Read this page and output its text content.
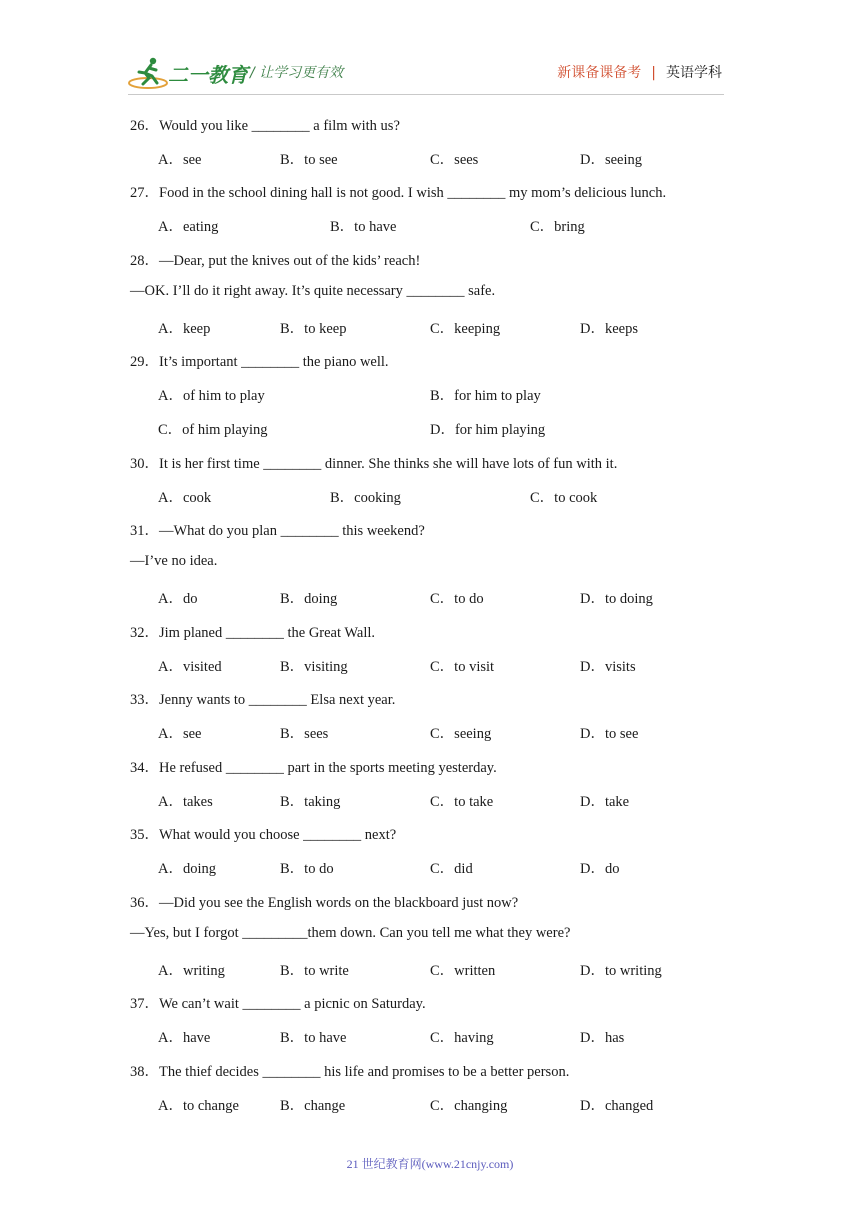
二一教育 / 让学习更有效	新课备课备考 | 英语学科
26．Would you like ________ a film with us?
A．see	B．to see	C．sees	D．seeing
27．Food in the school dining hall is not good. I wish ________ my mom’s delicious lunch.
A．eating	B．to have	C．bring
28．—Dear, put the knives out of the kids’ reach!
—OK. I’ll do it right away. It’s quite necessary ________ safe.
A．keep	B．to keep	C．keeping	D．keeps
29．It’s important ________ the piano well.
A．of him to play	B．for him to play
C．of him playing	D．for him playing
30．It is her first time ________ dinner. She thinks she will have lots of fun with it.
A．cook	B．cooking	C．to cook
31．—What do you plan ________ this weekend?
—I’ve no idea.
A．do	B．doing	C．to do	D．to doing
32．Jim planed ________ the Great Wall.
A．visited	B．visiting	C．to visit	D．visits
33．Jenny wants to ________ Elsa next year.
A．see	B．sees	C．seeing	D．to see
34．He refused ________ part in the sports meeting yesterday.
A．takes	B．taking	C．to take	D．take
35．What would you choose ________ next?
A．doing	B．to do	C．did	D．do
36．—Did you see the English words on the blackboard just now?
—Yes, but I forgot _________them down. Can you tell me what they were?
A．writing	B．to write	C．written	D．to writing
37．We can’t wait ________ a picnic on Saturday.
A．have	B．to have	C．having	D．has
38．The thief decides ________ his life and promises to be a better person.
A．to change	B．change	C．changing	D．changed
21 世纪教育网(www.21cnjy.com)
